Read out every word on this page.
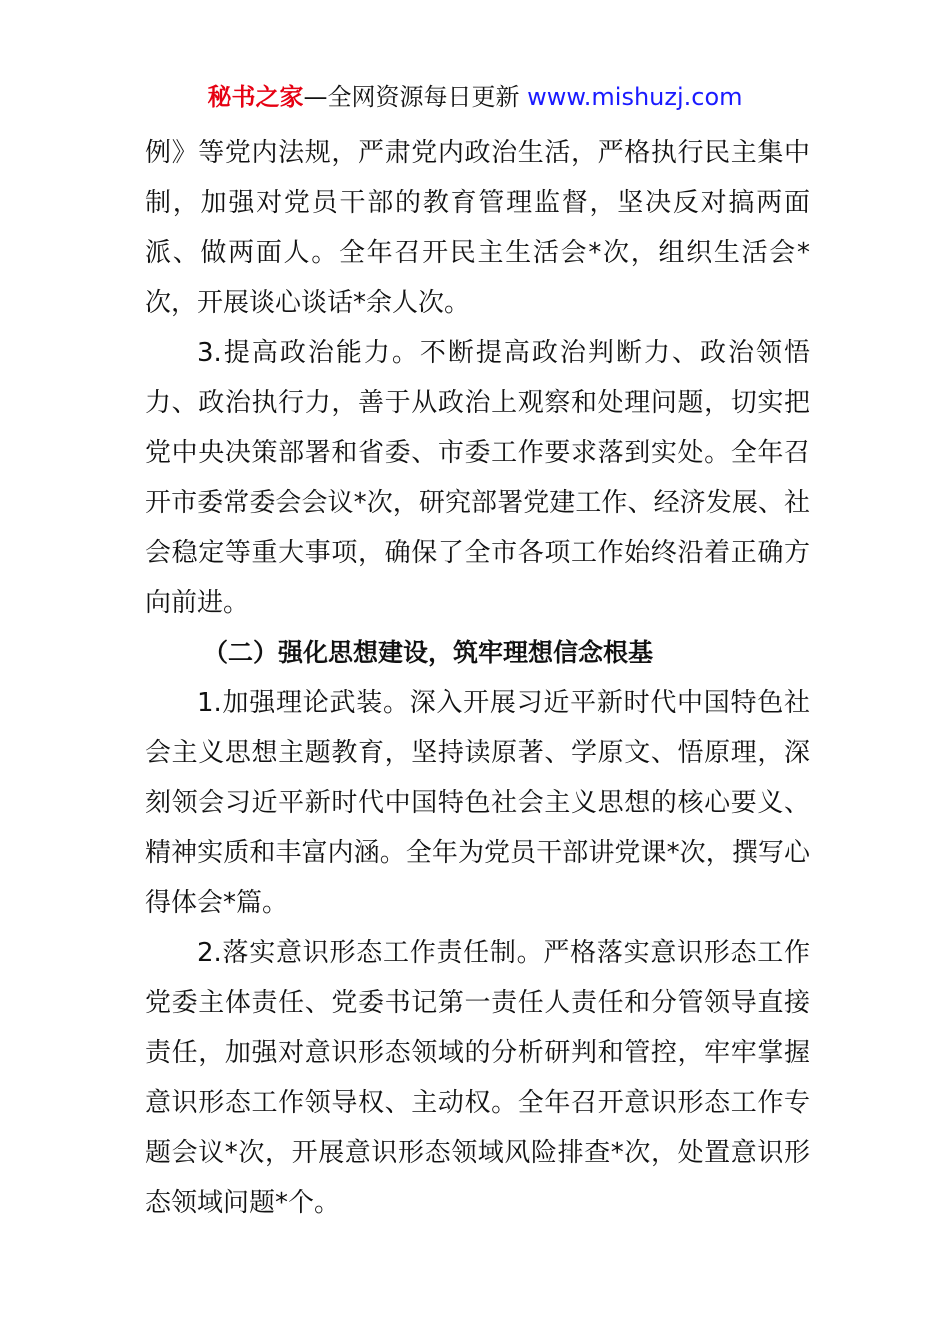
秘书之家—全网资源每日更新 www.mishuzj.com

例》等党内法规，严肃党内政治生活，严格执行民主集中制，加强对党员干部的教育管理监督，坚决反对搞两面派、做两面人。全年召开民主生活会*次，组织生活会*次，开展谈心谈话*余人次。

3.提高政治能力。不断提高政治判断力、政治领悟力、政治执行力，善于从政治上观察和处理问题，切实把党中央决策部署和省委、市委工作要求落到实处。全年召开市委常委会会议*次，研究部署党建工作、经济发展、社会稳定等重大事项，确保了全市各项工作始终沿着正确方向前进。

（二）强化思想建设，筑牢理想信念根基

1.加强理论武装。深入开展习近平新时代中国特色社会主义思想主题教育，坚持读原著、学原文、悟原理，深刻领会习近平新时代中国特色社会主义思想的核心要义、精神实质和丰富内涵。全年为党员干部讲党课*次，撰写心得体会*篇。

2.落实意识形态工作责任制。严格落实意识形态工作党委主体责任、党委书记第一责任人责任和分管领导直接责任，加强对意识形态领域的分析研判和管控，牢牢掌握意识形态工作领导权、主动权。全年召开意识形态工作专题会议*次，开展意识形态领域风险排查*次，处置意识形态领域问题*个。
